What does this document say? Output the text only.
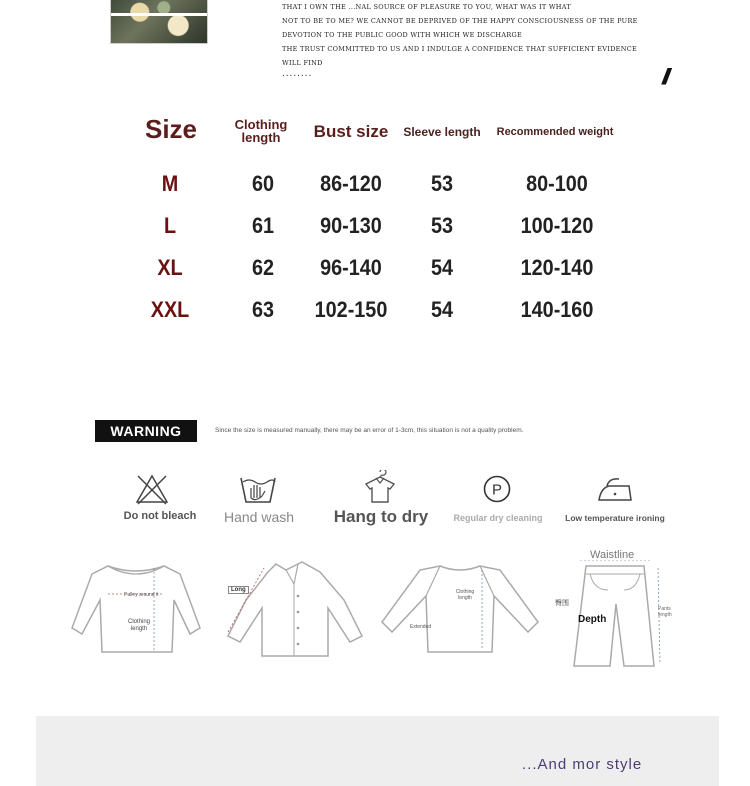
THAT I OWN THE ...NAL SOURCE OF PLEASURE TO YOU, WHAT WAS IT WHAT
NOT TO BE TO ME? WE CANNOT BE DEPRIVED OF THE HAPPY CONSCIOUSNESS OF THE PURE
DEVOTION TO THE PUBLIC GOOD WITH WHICH WE DISCHARGE
THE TRUST COMMITTED TO US AND I INDULGE A CONFIDENCE THAT SUFFICIENT EVIDENCE
WILL FIND
........	//
Size	Clothing length	Bust size	Sleeve length	Recommended weight
M	60	86-120	53	80-100
L	61	90-130	53	100-120
XL	62	96-140	54	120-140
XXL	63	102-150	54	140-160
WARNING	Since the size is measured manually, there may be an error of 1-3cm, this situation is not a quality problem.
P
Do not bleach	Hand wash	Hang to dry	Regular dry cleaning	Low temperature ironing
Pulley around it
Clothing length
Long	Clothing length
Extended
Waistline
Depth
臀围
Pants length
...And mor style
